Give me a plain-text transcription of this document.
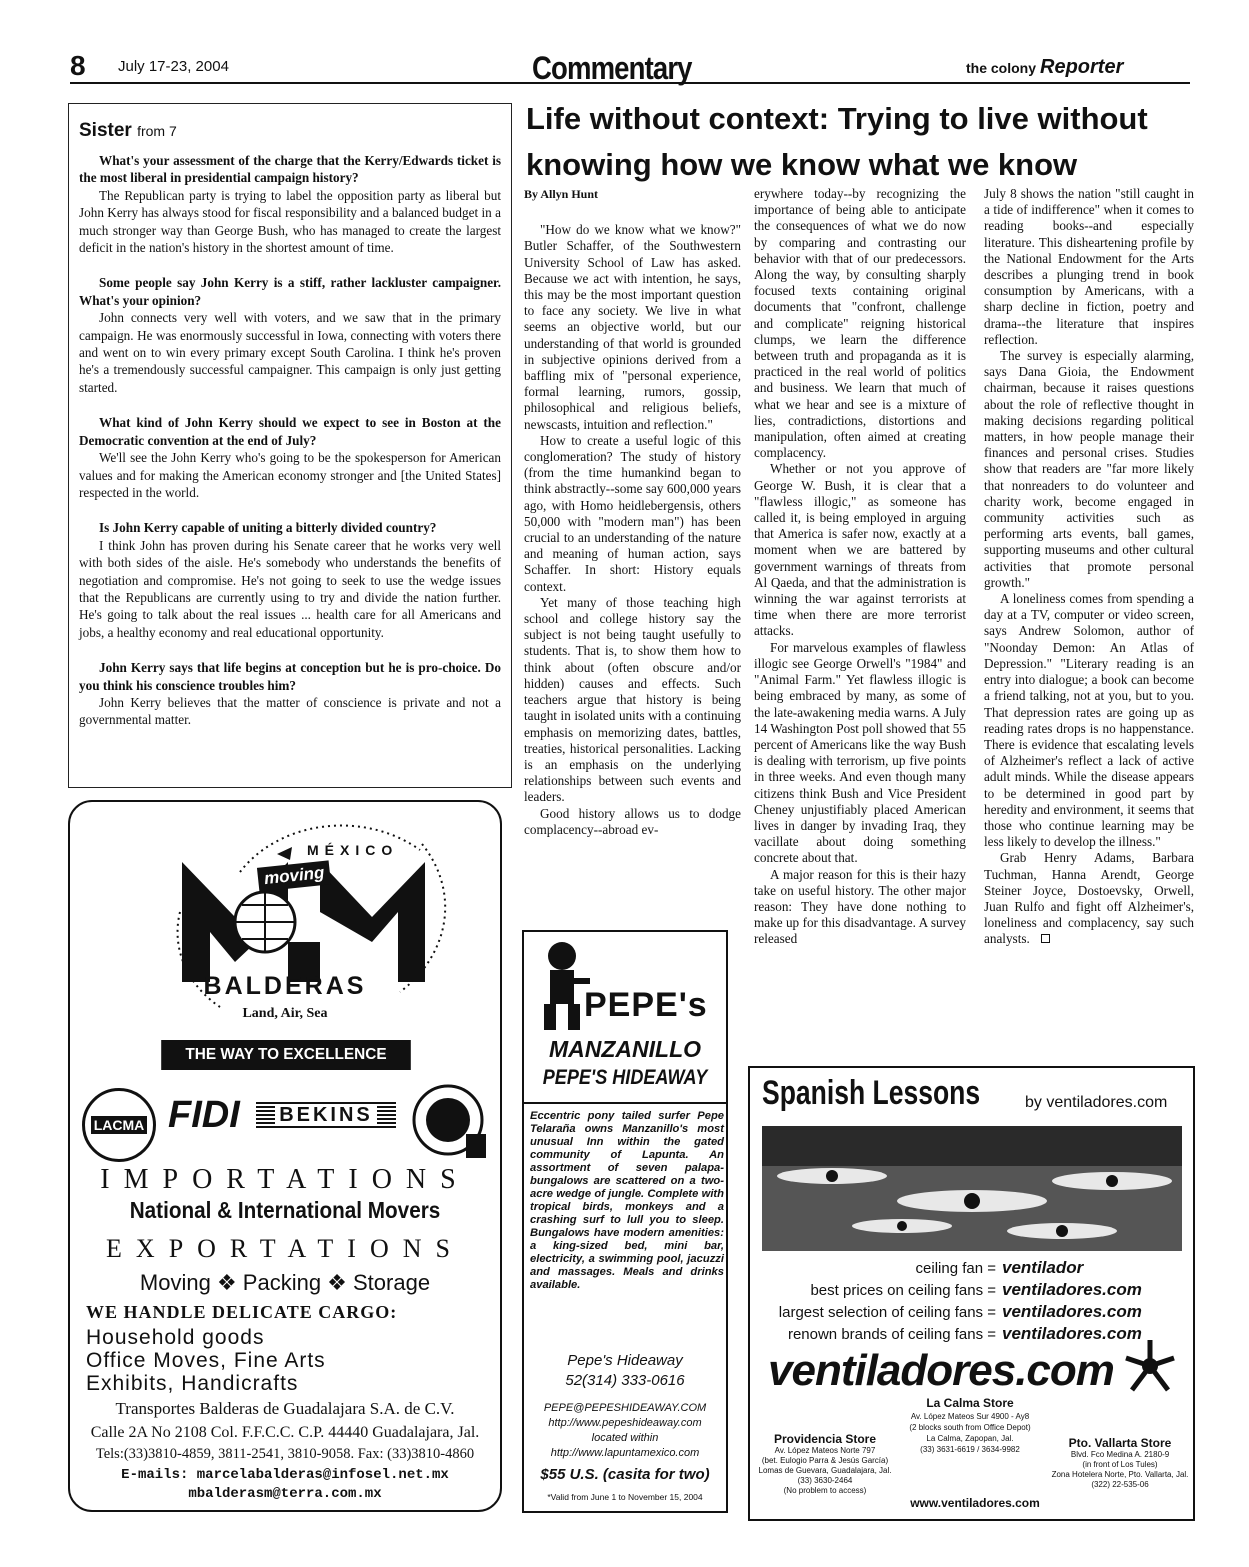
8 July 17-23, 2004	Commentary	the colony Reporter
Sister from 7
What's your assessment of the charge that the Kerry/Edwards ticket is the most liberal in presidential campaign history?
The Republican party is trying to label the opposition party as liberal but John Kerry has always stood for fiscal responsibility and a balanced budget in a much stronger way than George Bush, who has managed to create the largest deficit in the nation's history in the shortest amount of time.
Some people say John Kerry is a stiff, rather lackluster campaigner. What's your opinion?
John connects very well with voters, and we saw that in the primary campaign. He was enormously successful in Iowa, connecting with voters there and went on to win every primary except South Carolina. I think he's proven he's a tremendously successful campaigner. This campaign is only just getting started.
What kind of John Kerry should we expect to see in Boston at the Democratic convention at the end of July?
We'll see the John Kerry who's going to be the spokesperson for American values and for making the American economy stronger and [the United States] respected in the world.
Is John Kerry capable of uniting a bitterly divided country?
I think John has proven during his Senate career that he works very well with both sides of the aisle. He's somebody who understands the benefits of negotiation and compromise. He's not going to seek to use the wedge issues that the Republicans are currently using to try and divide the nation further. He's going to talk about the real issues ... health care for all Americans and jobs, a healthy economy and real educational opportunity.
John Kerry says that life begins at conception but he is pro-choice. Do you think his conscience troubles him?
John Kerry believes that the matter of conscience is private and not a governmental matter.
Life without context: Trying to live without knowing how we know what we know

By Allyn Hunt

"How do we know what we know?" Butler Schaffer, of the Southwestern University School of Law has asked. Because we act with intention, he says, this may be the most important question to face any society. We live in what seems an objective world, but our understanding of that world is grounded in subjective opinions derived from a baffling mix of "personal experience, formal learning, rumors, gossip, philosophical and religious beliefs, newscasts, intuition and reflection."

How to create a useful logic of this conglomeration? The study of history (from the time humankind began to think abstractly--some say 600,000 years ago, with Homo heidlebergensis, others 50,000 with "modern man") has been crucial to an understanding of the nature and meaning of human action, says Schaffer. In short: History equals context.

Yet many of those teaching high school and college history say the subject is not being taught usefully to students. That is, to show them how to think about (often obscure and/or hidden) causes and effects. Such teachers argue that history is being taught in isolated units with a continuing emphasis on memorizing dates, battles, treaties, historical personalities. Lacking is an emphasis on the underlying relationships between such events and leaders.

Good history allows us to dodge complacency--abroad ev-

erywhere today--by recognizing the importance of being able to anticipate the consequences of what we do now by comparing and contrasting our behavior with that of our predecessors. Along the way, by consulting sharply focused texts containing original documents that "confront, challenge and complicate" reigning historical clumps, we learn the difference between truth and propaganda as it is practiced in the real world of politics and business. We learn that much of what we hear and see is a mixture of lies, contradictions, distortions and manipulation, often aimed at creating complacency.

Whether or not you approve of George W. Bush, it is clear that a "flawless illogic," as someone has called it, is being employed in arguing that America is safer now, exactly at a moment when we are battered by government warnings of threats from Al Qaeda, and that the administration is winning the war against terrorists at time when there are more terrorist attacks.

For marvelous examples of flawless illogic see George Orwell's "1984" and "Animal Farm." Yet flawless illogic is being embraced by many, as some of the late-awakening media warns. A July 14 Washington Post poll showed that 55 percent of Americans like the way Bush is dealing with terrorism, up five points in three weeks. And even though many citizens think Bush and Vice President Cheney unjustifiably placed American lives in danger by invading Iraq, they vacillate about doing something concrete about that.

A major reason for this is their hazy take on useful history. The other major reason: They have done nothing to make up for this disadvantage. A survey released

July 8 shows the nation "still caught in a tide of indifference" when it comes to reading books--and especially literature. This disheartening profile by the National Endowment for the Arts describes a plunging trend in book consumption by Americans, with a sharp decline in fiction, poetry and drama--the literature that inspires reflection.

The survey is especially alarming, says Dana Gioia, the Endowment chairman, because it raises questions about the role of reflective thought in making decisions regarding political matters, in how people manage their finances and personal crises. Studies show that readers are "far more likely that nonreaders to do volunteer and charity work, become engaged in community activities such as performing arts events, ball games, supporting museums and other cultural activities that promote personal growth."

A loneliness comes from spending a day at a TV, computer or video screen, says Andrew Solomon, author of "Noonday Demon: An Atlas of Depression." "Literary reading is an entry into dialogue; a book can become a friend talking, not at you, but to you. That depression rates are going up as reading rates drops is no happenstance. There is evidence that escalating levels of Alzheimer's reflect a lack of active adult minds. While the disease appears to be determined in good part by heredity and environment, it seems that those who continue learning may be less likely to develop the illness."

Grab Henry Adams, Barbara Tuchman, Hanna Arendt, George Steiner Joyce, Dostoevsky, Orwell, Juan Rulfo and fight off Alzheimer's, loneliness and complacency, say such analysts.

MÉXICO
moving
BALDERAS
Land, Air, Sea
THE WAY TO EXCELLENCE SINCE 1950
LACMA FIDI	BEKINS
IMPORTATIONS
National & International Movers
EXPORTATIONS
Moving ❖ Packing ❖ Storage
WE HANDLE DELICATE CARGO:
Household goods
Office Moves, Fine Arts
Exhibits, Handicrafts
Transportes Balderas de Guadalajara S.A. de C.V.
Calle 2A No 2108 Col. F.F.C.C. C.P. 44440 Guadalajara, Jal.
Tels:(33)3810-4859, 3811-2541, 3810-9058. Fax: (33)3810-4860
E-mails: marcelabalderas@infosel.net.mx
mbalderasm@terra.com.mx
PEPE's
MANZANILLO
PEPE'S HIDEAWAY
Eccentric pony tailed surfer Pepe Telaraña owns Manzanillo's most unusual Inn within the gated community of Lapunta. An assortment of seven palapa-bungalows are scattered on a two-acre wedge of jungle. Complete with tropical birds, monkeys and a crashing surf to lull you to sleep. Bungalows have modern amenities: a king-sized bed, mini bar, electricity, a swimming pool, jacuzzi and massages. Meals and drinks available.
Pepe's Hideaway
52(314) 333-0616
PEPE@PEPESHIDEAWAY.COM
http://www.pepeshideaway.com
located within
http://www.lapuntamexico.com
$55 U.S. (casita for two)
*Valid from June 1 to November 15, 2004
Spanish Lessons	by ventiladores.com
ceiling fan = ventilador
best prices on ceiling fans = ventiladores.com
largest selection of ceiling fans = ventiladores.com
renown brands of ceiling fans = ventiladores.com
ventiladores.com
La Calma Store
Av. López Mateos Sur 4900 - Ay8
(2 blocks south from Office Depot)
La Calma, Zapopan, Jal.
(33) 3631-6619 / 3634-9982
Providencia Store
Av. López Mateos Norte 797
(bet. Eulogio Parra & Jesús García)
Lomas de Guevara, Guadalajara, Jal.
(33) 3630-2464
(No problem to access)
Pto. Vallarta Store
Blvd. Fco Medina A. 2180-9
(in front of Los Tules)
Zona Hotelera Norte, Pto. Vallarta, Jal.
(322) 22-535-06
www.ventiladores.com
